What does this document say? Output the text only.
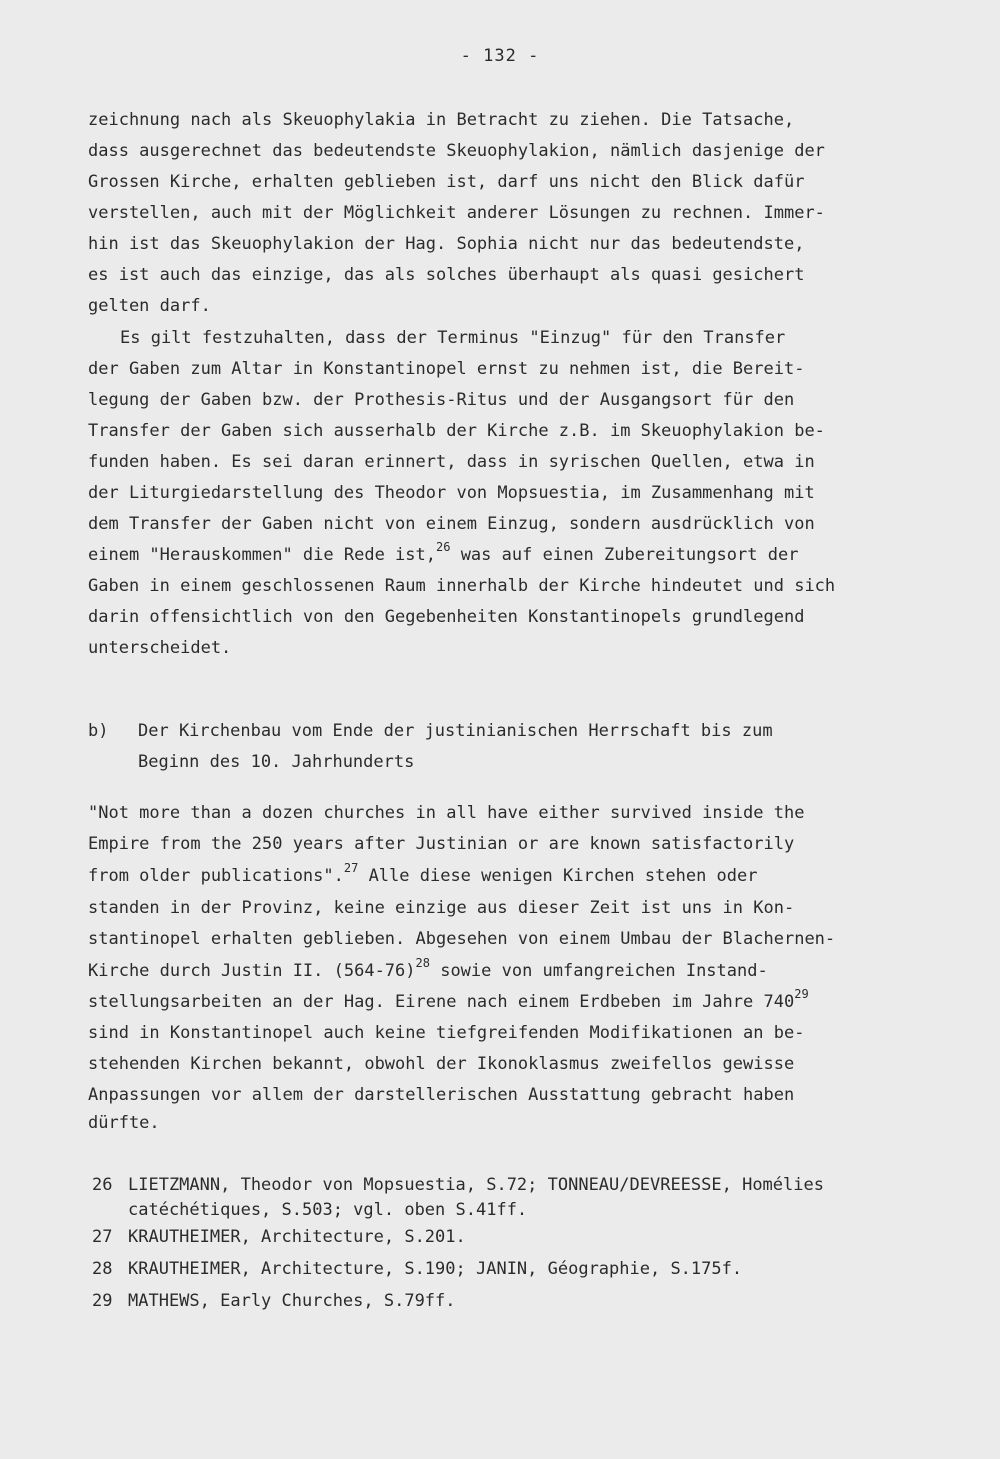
- 132 -
zeichnung nach als Skeuophylakia in Betracht zu ziehen. Die Tatsache,
dass ausgerechnet das bedeutendste Skeuophylakion, nämlich dasjenige der
Grossen Kirche, erhalten geblieben ist, darf uns nicht den Blick dafür
verstellen, auch mit der Möglichkeit anderer Lösungen zu rechnen. Immer-
hin ist das Skeuophylakion der Hag. Sophia nicht nur das bedeutendste,
es ist auch das einzige, das als solches überhaupt als quasi gesichert
gelten darf.
Es gilt festzuhalten, dass der Terminus "Einzug" für den Transfer
der Gaben zum Altar in Konstantinopel ernst zu nehmen ist, die Bereit-
legung der Gaben bzw. der Prothesis-Ritus und der Ausgangsort für den
Transfer der Gaben sich ausserhalb der Kirche z.B. im Skeuophylakion be-
funden haben. Es sei daran erinnert, dass in syrischen Quellen, etwa in
der Liturgiedarstellung des Theodor von Mopsuestia, im Zusammenhang mit
dem Transfer der Gaben nicht von einem Einzug, sondern ausdrücklich von
einem "Herauskommen" die Rede ist,$^{26}$ was auf einen Zubereitungsort der
Gaben in einem geschlossenen Raum innerhalb der Kirche hindeutet und sich
darin offensichtlich von den Gegebenheiten Konstantinopels grundlegend
unterscheidet.
b) Der Kirchenbau vom Ende der justinianischen Herrschaft bis zum
Beginn des 10. Jahrhunderts
"Not more than a dozen churches in all have either survived inside the
Empire from the 250 years after Justinian or are known satisfactorily
from older publications".$^{27}$ Alle diese wenigen Kirchen stehen oder
standen in der Provinz, keine einzige aus dieser Zeit ist uns in Kon-
stantinopel erhalten geblieben. Abgesehen von einem Umbau der Blachernen-
Kirche durch Justin II. $(564-76)^{28}$ sowie von umfangreichen Instand-
stellungsarbeiten an der Hag. Eirene nach einem Erdbeben im Jahre $740^{29}$
sind in Konstantinopel auch keine tiefgreifenden Modifikationen an be-
stehenden Kirchen bekannt, obwohl der Ikonoklasmus zweifellos gewisse
Anpassungen vor allem der darstellerischen Ausstattung gebracht haben
dürfte.
26 LIETZMANN, Theodor von Mopsuestia, S.72; TONNEAU/DEVREESSE, Homélies
catéchétiques, S.503; vgl. oben S.41ff.
27 KRAUTHEIMER, Architecture, S.201.
28 KRAUTHEIMER, Architecture, S.190; JANIN, Géographie, S.175f.
29 MATHEWS, Early Churches, S.79ff.
